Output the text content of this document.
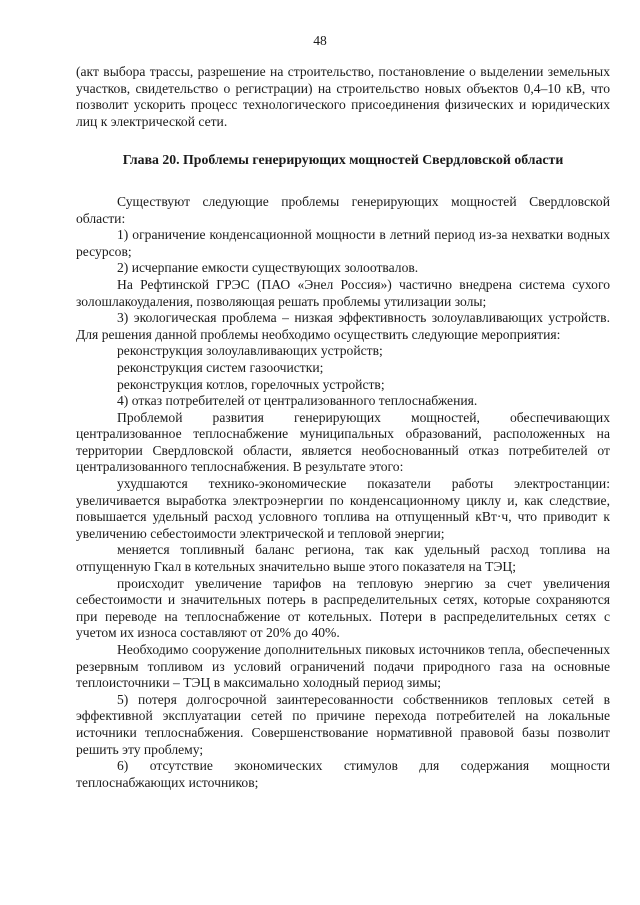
48

(акт выбора трассы, разрешение на строительство, постановление о выделении земельных участков, свидетельство о регистрации) на строительство новых объектов 0,4–10 кВ, что позволит ускорить процесс технологического присоединения физических и юридических лиц к электрической сети.

Глава 20. Проблемы генерирующих мощностей Свердловской области

Существуют следующие проблемы генерирующих мощностей Свердловской области:

1) ограничение конденсационной мощности в летний период из-за нехватки водных ресурсов;

2) исчерпание емкости существующих золоотвалов.

На Рефтинской ГРЭС (ПАО «Энел Россия») частично внедрена система сухого золошлакоудаления, позволяющая решать проблемы утилизации золы;

3) экологическая проблема – низкая эффективность золоулавливающих устройств. Для решения данной проблемы необходимо осуществить следующие мероприятия:

реконструкция золоулавливающих устройств;

реконструкция систем газоочистки;

реконструкция котлов, горелочных устройств;

4) отказ потребителей от централизованного теплоснабжения.

Проблемой развития генерирующих мощностей, обеспечивающих централизованное теплоснабжение муниципальных образований, расположенных на территории Свердловской области, является необоснованный отказ потребителей от централизованного теплоснабжения. В результате этого:

ухудшаются технико-экономические показатели работы электростанции: увеличивается выработка электроэнергии по конденсационному циклу и, как следствие, повышается удельный расход условного топлива на отпущенный кВт·ч, что приводит к увеличению себестоимости электрической и тепловой энергии;

меняется топливный баланс региона, так как удельный расход топлива на отпущенную Гкал в котельных значительно выше этого показателя на ТЭЦ;

происходит увеличение тарифов на тепловую энергию за счет увеличения себестоимости и значительных потерь в распределительных сетях, которые сохраняются при переводе на теплоснабжение от котельных. Потери в распределительных сетях с учетом их износа составляют от 20% до 40%.

Необходимо сооружение дополнительных пиковых источников тепла, обеспеченных резервным топливом из условий ограничений подачи природного газа на основные теплоисточники – ТЭЦ в максимально холодный период зимы;

5) потеря долгосрочной заинтересованности собственников тепловых сетей в эффективной эксплуатации сетей по причине перехода потребителей на локальные источники теплоснабжения. Совершенствование нормативной правовой базы позволит решить эту проблему;

6) отсутствие экономических стимулов для содержания мощности теплоснабжающих источников;
